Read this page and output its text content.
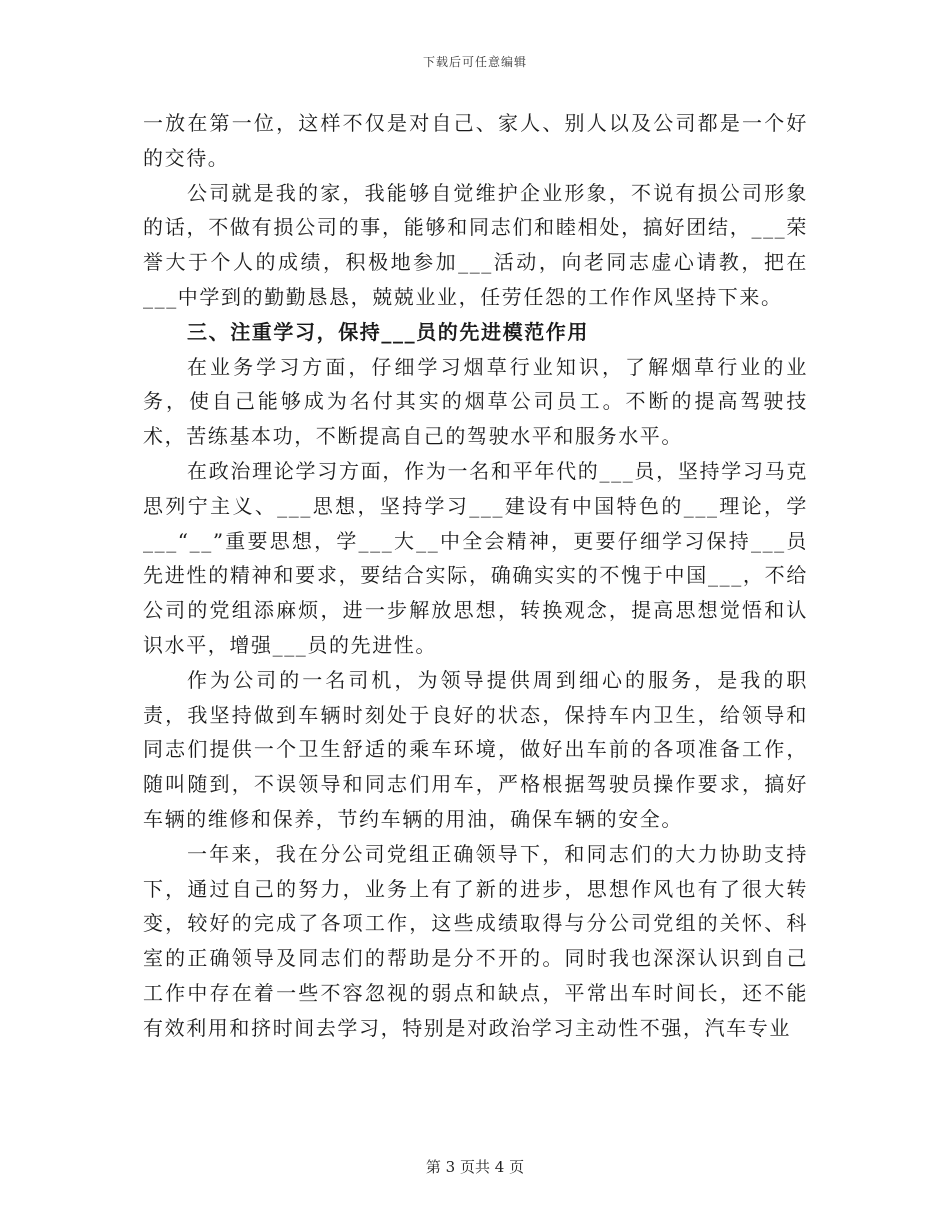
下载后可任意编辑

一放在第一位，这样不仅是对自己、家人、别人以及公司都是一个好的交待。

公司就是我的家，我能够自觉维护企业形象，不说有损公司形象的话，不做有损公司的事，能够和同志们和睦相处，搞好团结，___荣誉大于个人的成绩，积极地参加___活动，向老同志虚心请教，把在___中学到的勤勤恳恳，兢兢业业，任劳任怨的工作作风坚持下来。

三、注重学习，保持___员的先进模范作用

在业务学习方面，仔细学习烟草行业知识，了解烟草行业的业务，使自己能够成为名付其实的烟草公司员工。不断的提高驾驶技术，苦练基本功，不断提高自己的驾驶水平和服务水平。

在政治理论学习方面，作为一名和平年代的___员，坚持学习马克思列宁主义、___思想，坚持学习___建设有中国特色的___理论，学___“__”重要思想，学___大__中全会精神，更要仔细学习保持___员先进性的精神和要求，要结合实际，确确实实的不愧于中国___，不给公司的党组添麻烦，进一步解放思想，转换观念，提高思想觉悟和认识水平，增强___员的先进性。

作为公司的一名司机，为领导提供周到细心的服务，是我的职责，我坚持做到车辆时刻处于良好的状态，保持车内卫生，给领导和同志们提供一个卫生舒适的乘车环境，做好出车前的各项准备工作，随叫随到，不误领导和同志们用车，严格根据驾驶员操作要求，搞好车辆的维修和保养，节约车辆的用油，确保车辆的安全。

一年来，我在分公司党组正确领导下，和同志们的大力协助支持下，通过自己的努力，业务上有了新的进步，思想作风也有了很大转变，较好的完成了各项工作，这些成绩取得与分公司党组的关怀、科室的正确领导及同志们的帮助是分不开的。同时我也深深认识到自己工作中存在着一些不容忽视的弱点和缺点，平常出车时间长，还不能有效利用和挤时间去学习，特别是对政治学习主动性不强，汽车专业

第 3 页共 4 页
